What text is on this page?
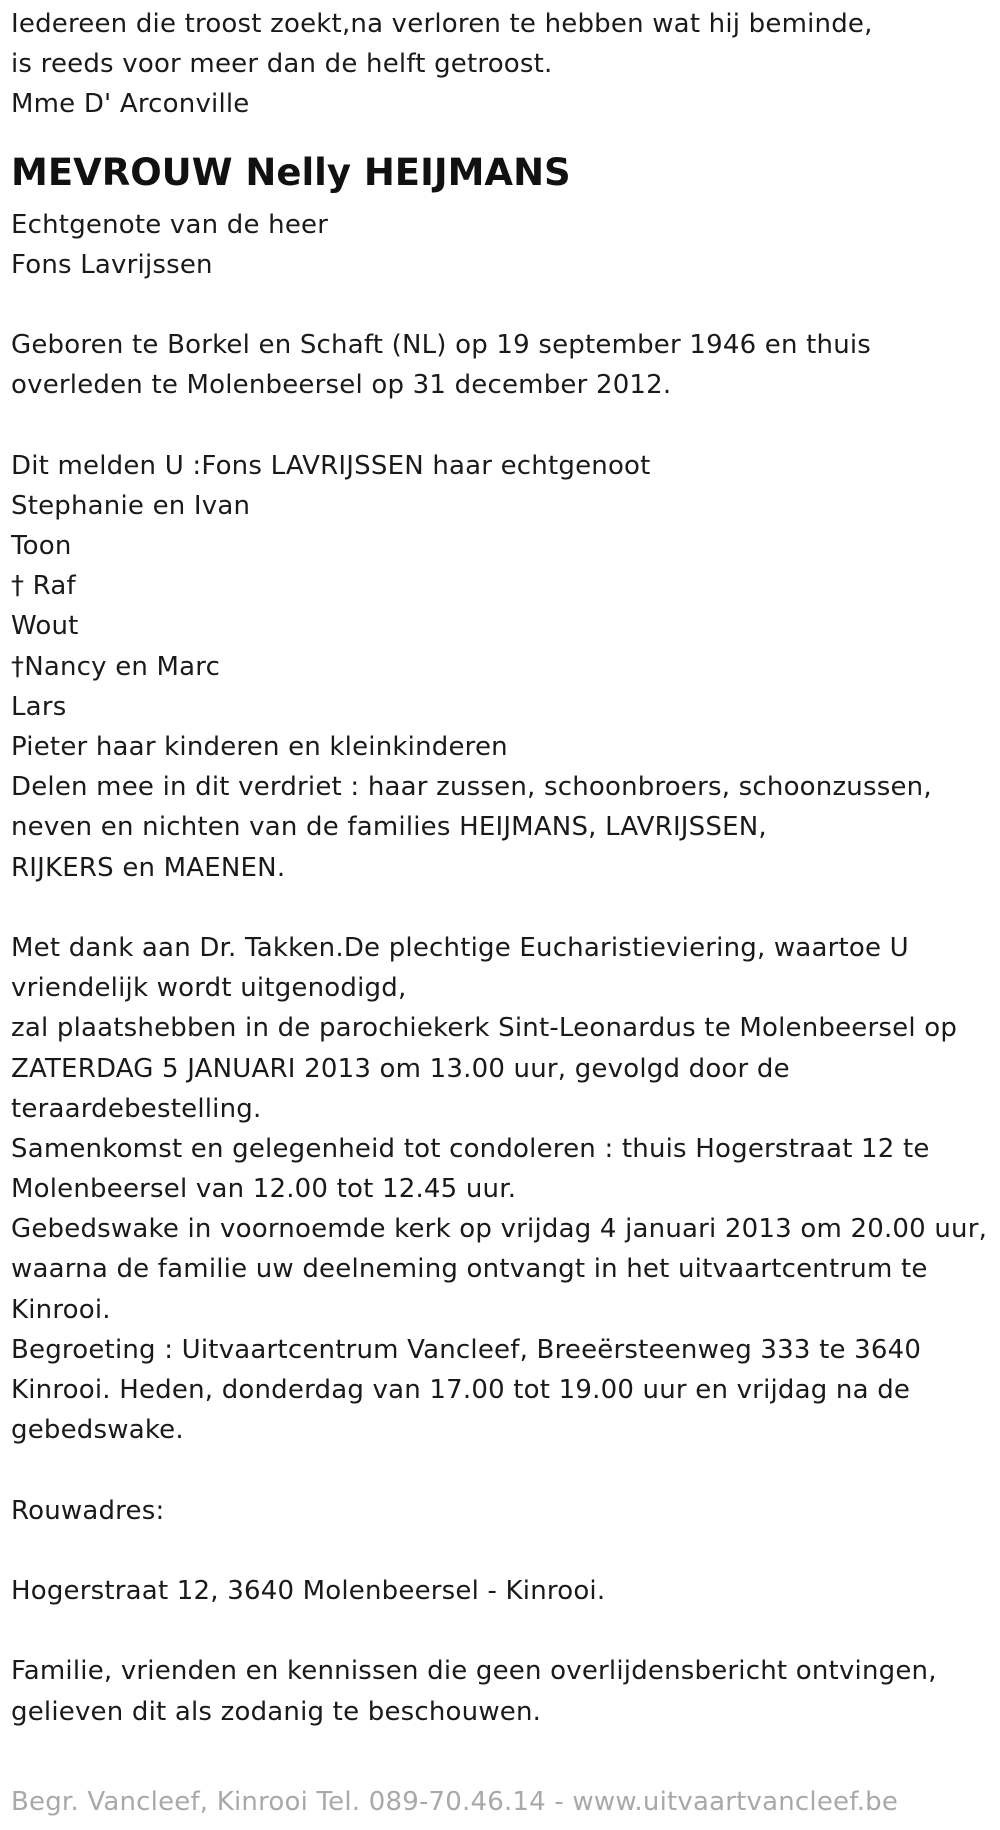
Iedereen die troost zoekt,na verloren te hebben wat hij beminde,
is reeds voor meer dan de helft getroost.
Mme D' Arconville
MEVROUW Nelly HEIJMANS
Echtgenote van de heer
Fons Lavrijssen
Geboren te Borkel en Schaft (NL) op 19 september 1946 en thuis
overleden te Molenbeersel op 31 december 2012.
Dit melden U :Fons LAVRIJSSEN haar echtgenoot
Stephanie en Ivan
Toon
† Raf
Wout
†Nancy en Marc
Lars
Pieter haar kinderen en kleinkinderen
Delen mee in dit verdriet : haar zussen, schoonbroers, schoonzussen,
neven en nichten van de families HEIJMANS, LAVRIJSSEN,
RIJKERS en MAENEN.
Met dank aan Dr. Takken.De plechtige Eucharistieviering, waartoe U
vriendelijk wordt uitgenodigd,
zal plaatshebben in de parochiekerk Sint-Leonardus te Molenbeersel op
ZATERDAG 5 JANUARI 2013 om 13.00 uur, gevolgd door de
teraardebestelling.
Samenkomst en gelegenheid tot condoleren : thuis Hogerstraat 12 te
Molenbeersel van 12.00 tot 12.45 uur.
Gebedswake in voornoemde kerk op vrijdag 4 januari 2013 om 20.00 uur,
waarna de familie uw deelneming ontvangt in het uitvaartcentrum te
Kinrooi.
Begroeting : Uitvaartcentrum Vancleef, Breeërsteenweg 333 te 3640
Kinrooi. Heden, donderdag van 17.00 tot 19.00 uur en vrijdag na de
gebedswake.
Rouwadres:
Hogerstraat 12, 3640 Molenbeersel - Kinrooi.
Familie, vrienden en kennissen die geen overlijdensbericht ontvingen,
gelieven dit als zodanig te beschouwen.
Begr. Vancleef, Kinrooi Tel. 089-70.46.14 - www.uitvaartvancleef.be
